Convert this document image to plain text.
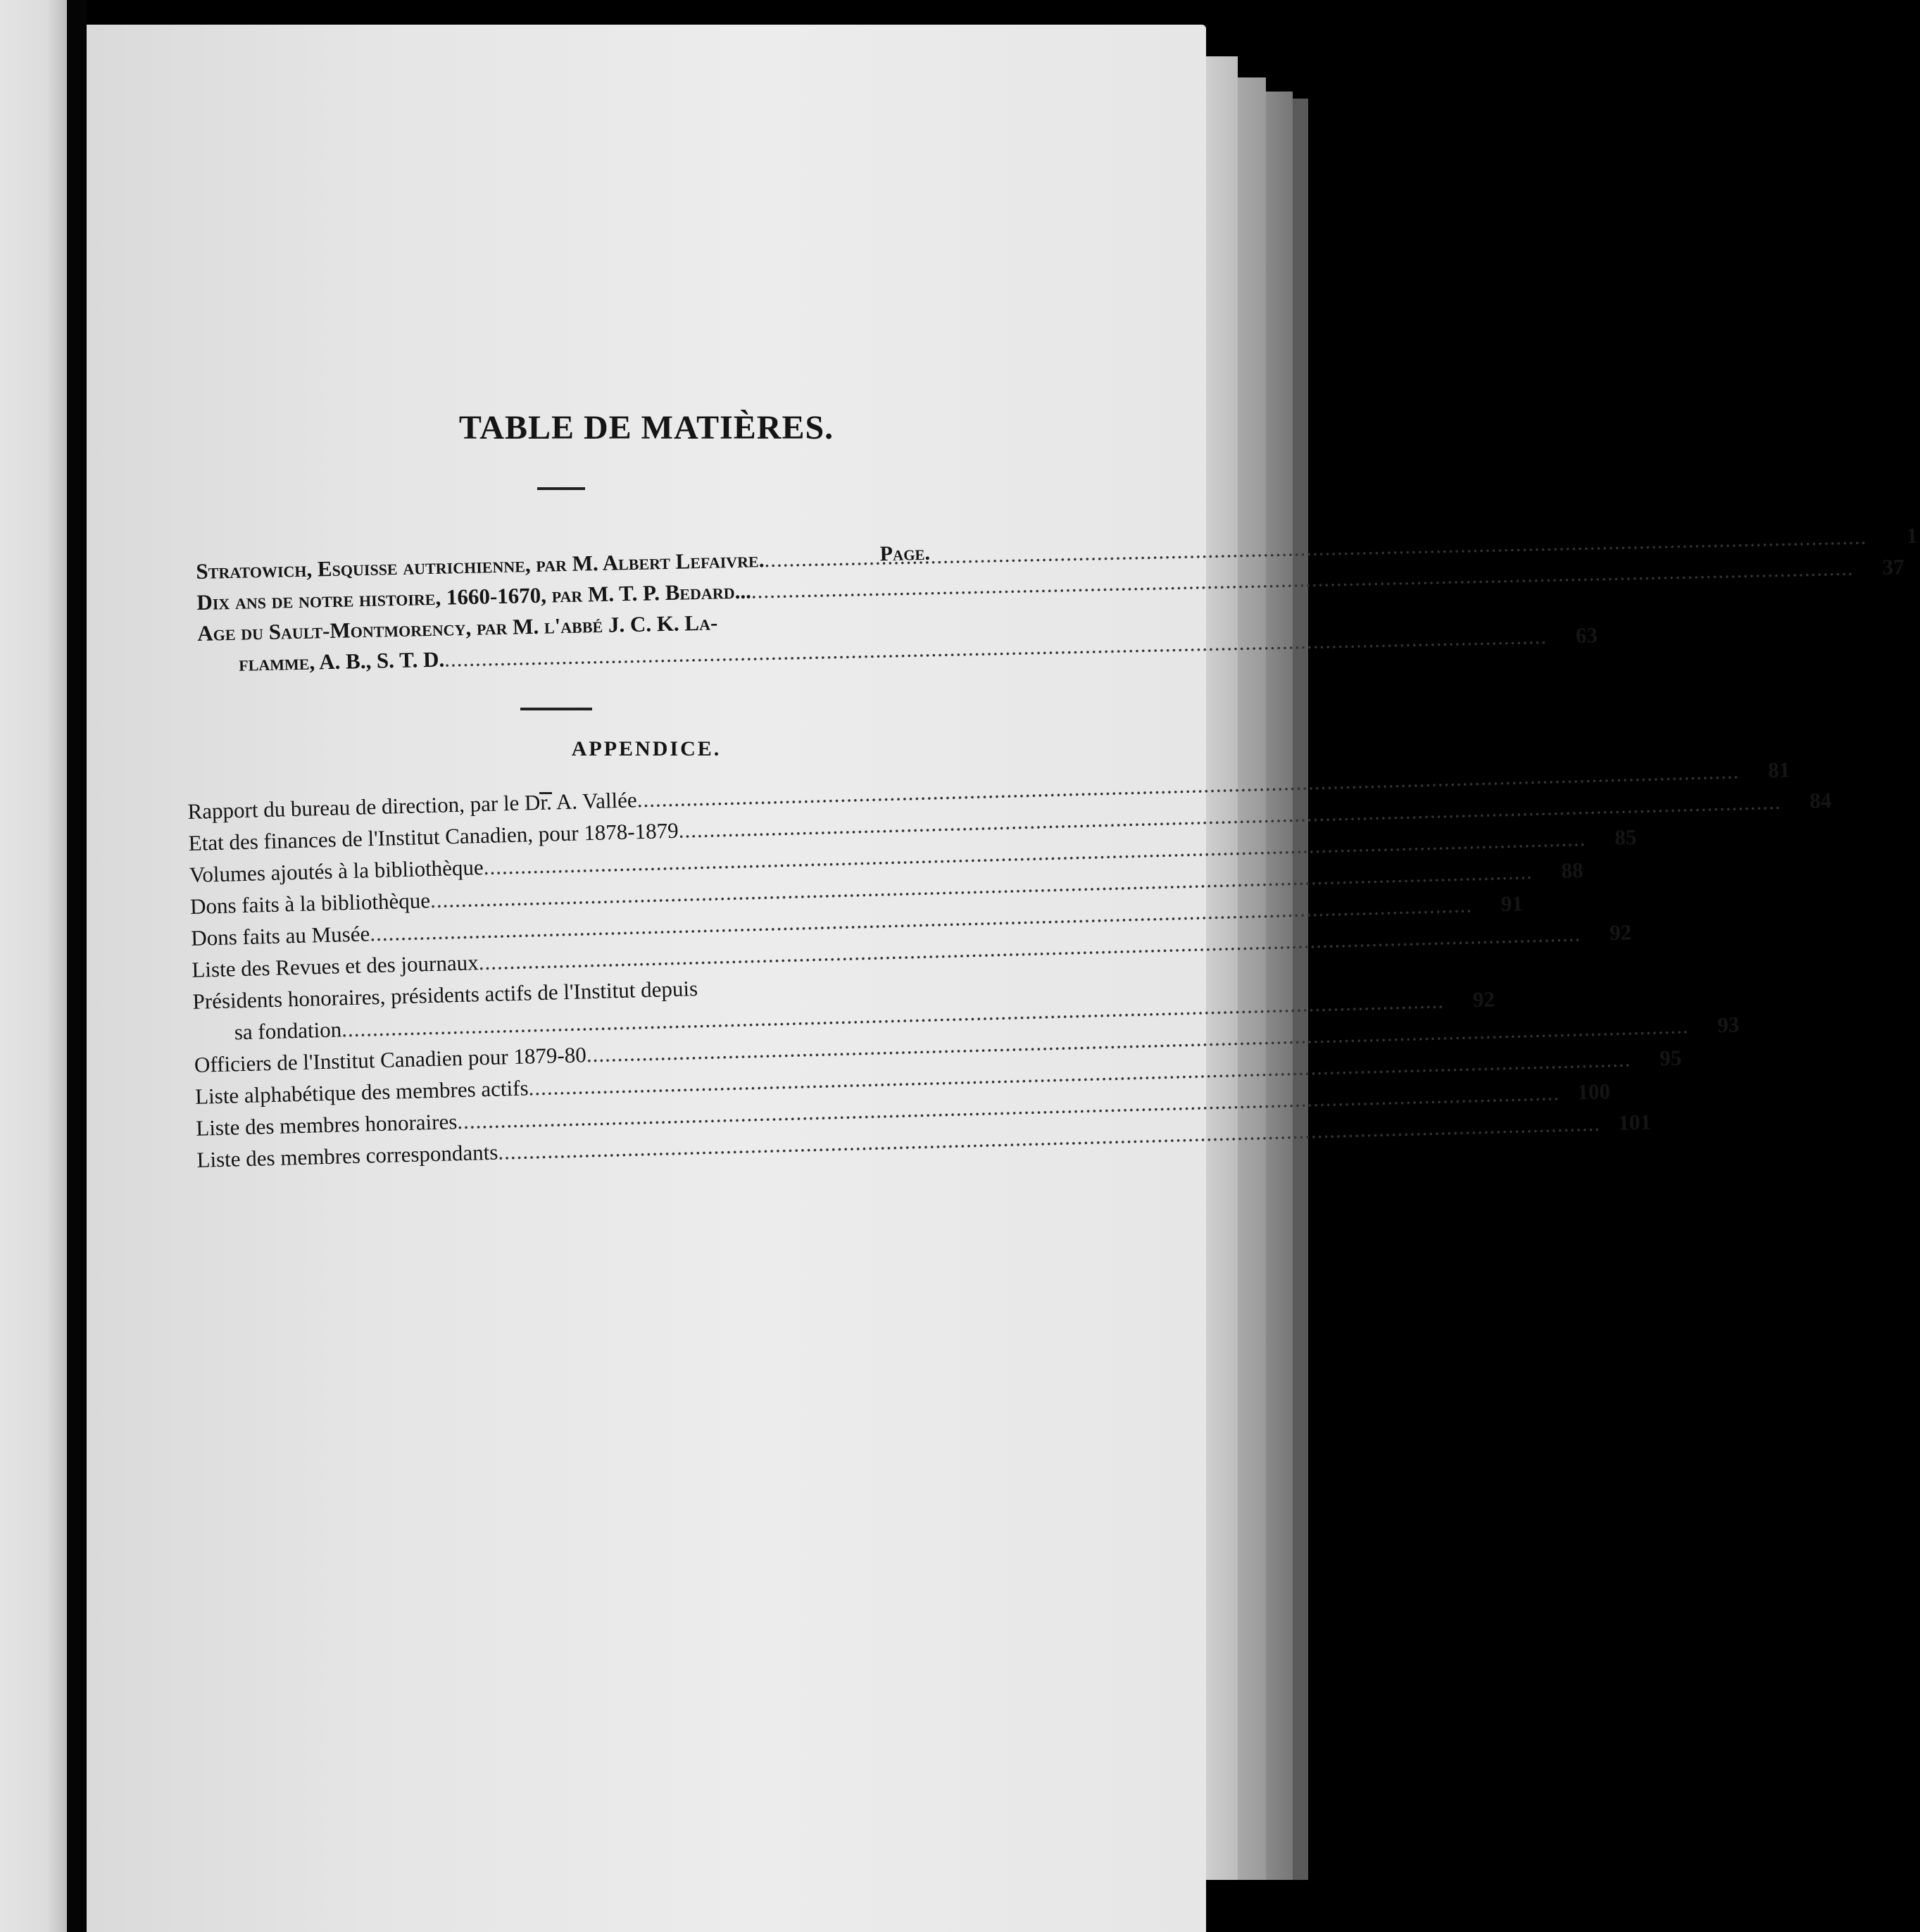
TABLE DE MATIÈRES.
Page.
Stratowich, Esquisse autrichienne, par M. Albert Lefaivre.
.....
1
Dix ans de notre histoire, 1660-1670, par M. T. P. Bedard...
.....
37
Age du Sault-Montmorency, par M. l'abbé J. C. K. La-
flamme, A. B., S. T. D.
.....
63
APPENDICE.
Rapport du bureau de direction, par le Dr. A. Vallée
.....
81
Etat des finances de l'Institut Canadien, pour 1878-1879
.....
84
Volumes ajoutés à la bibliothèque
.....
85
Dons faits à la bibliothèque
.....
88
Dons faits au Musée
.....
91
Liste des Revues et des journaux
.....
92
Présidents honoraires, présidents actifs de l'Institut depuis
sa fondation
.....
92
Officiers de l'Institut Canadien pour 1879-80
.....
93
Liste alphabétique des membres actifs
.....
95
Liste des membres honoraires
.....
100
Liste des membres correspondants
.....
101
